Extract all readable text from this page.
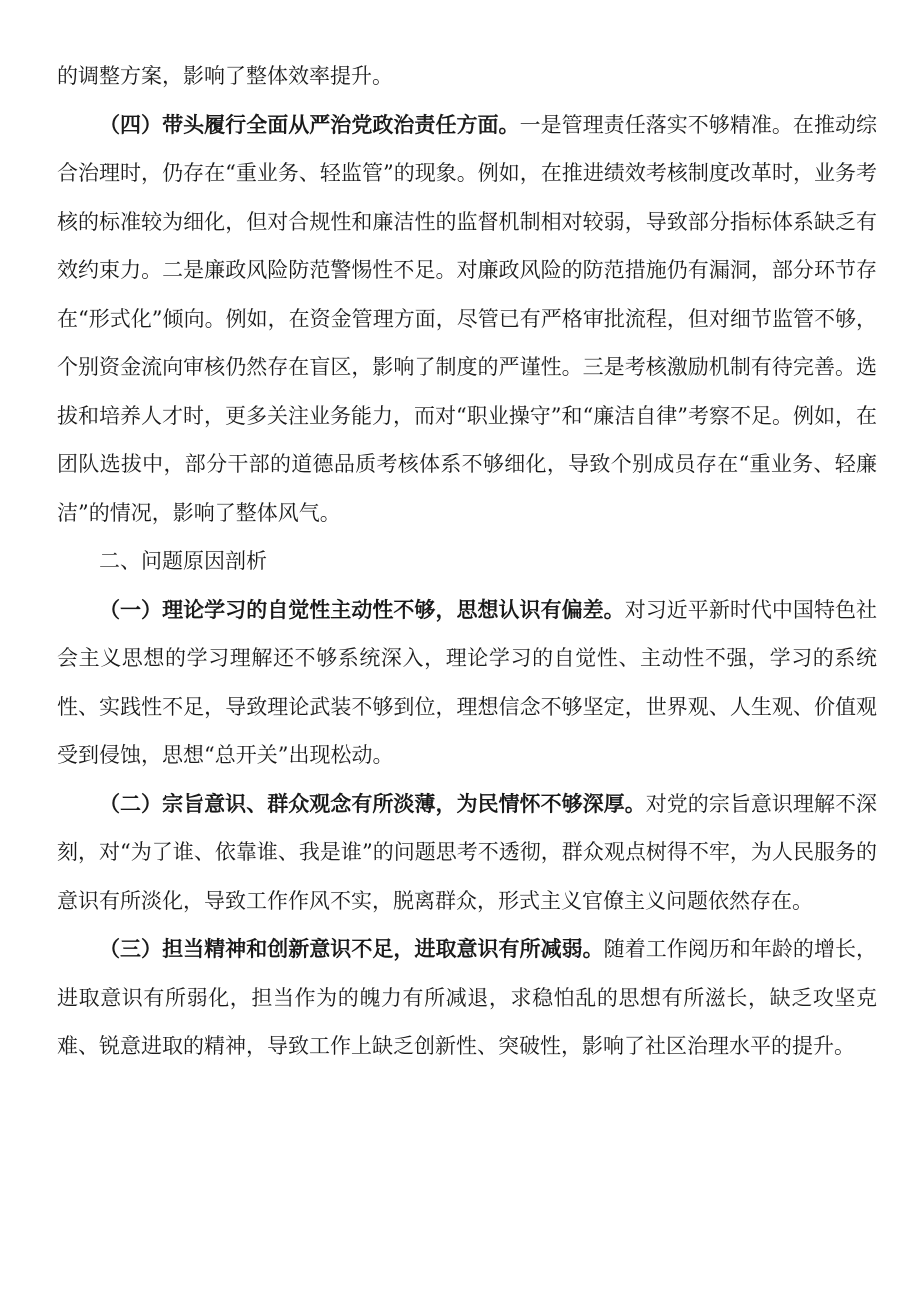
的调整方案，影响了整体效率提升。

（四）带头履行全面从严治党政治责任方面。一是管理责任落实不够精准。在推动综合治理时，仍存在“重业务、轻监管”的现象。例如，在推进绩效考核制度改革时，业务考核的标准较为细化，但对合规性和廉洁性的监督机制相对较弱，导致部分指标体系缺乏有效约束力。二是廉政风险防范警惕性不足。对廉政风险的防范措施仍有漏洞，部分环节存在“形式化”倾向。例如，在资金管理方面，尽管已有严格审批流程，但对细节监管不够，个别资金流向审核仍然存在盲区，影响了制度的严谨性。三是考核激励机制有待完善。选拔和培养人才时，更多关注业务能力，而对“职业操守”和“廉洁自律”考察不足。例如，在团队选拔中，部分干部的道德品质考核体系不够细化，导致个别成员存在“重业务、轻廉洁”的情况，影响了整体风气。

二、问题原因剖析

（一）理论学习的自觉性主动性不够，思想认识有偏差。对习近平新时代中国特色社会主义思想的学习理解还不够系统深入，理论学习的自觉性、主动性不强，学习的系统性、实践性不足，导致理论武装不够到位，理想信念不够坚定，世界观、人生观、价值观受到侵蚀，思想“总开关”出现松动。

（二）宗旨意识、群众观念有所淡薄，为民情怀不够深厚。对党的宗旨意识理解不深刻，对“为了谁、依靠谁、我是谁”的问题思考不透彻，群众观点树得不牢，为人民服务的意识有所淡化，导致工作作风不实，脱离群众，形式主义官僚主义问题依然存在。

（三）担当精神和创新意识不足，进取意识有所减弱。随着工作阅历和年龄的增长，进取意识有所弱化，担当作为的魄力有所减退，求稳怕乱的思想有所滋长，缺乏攻坚克难、锐意进取的精神，导致工作上缺乏创新性、突破性，影响了社区治理水平的提升。
